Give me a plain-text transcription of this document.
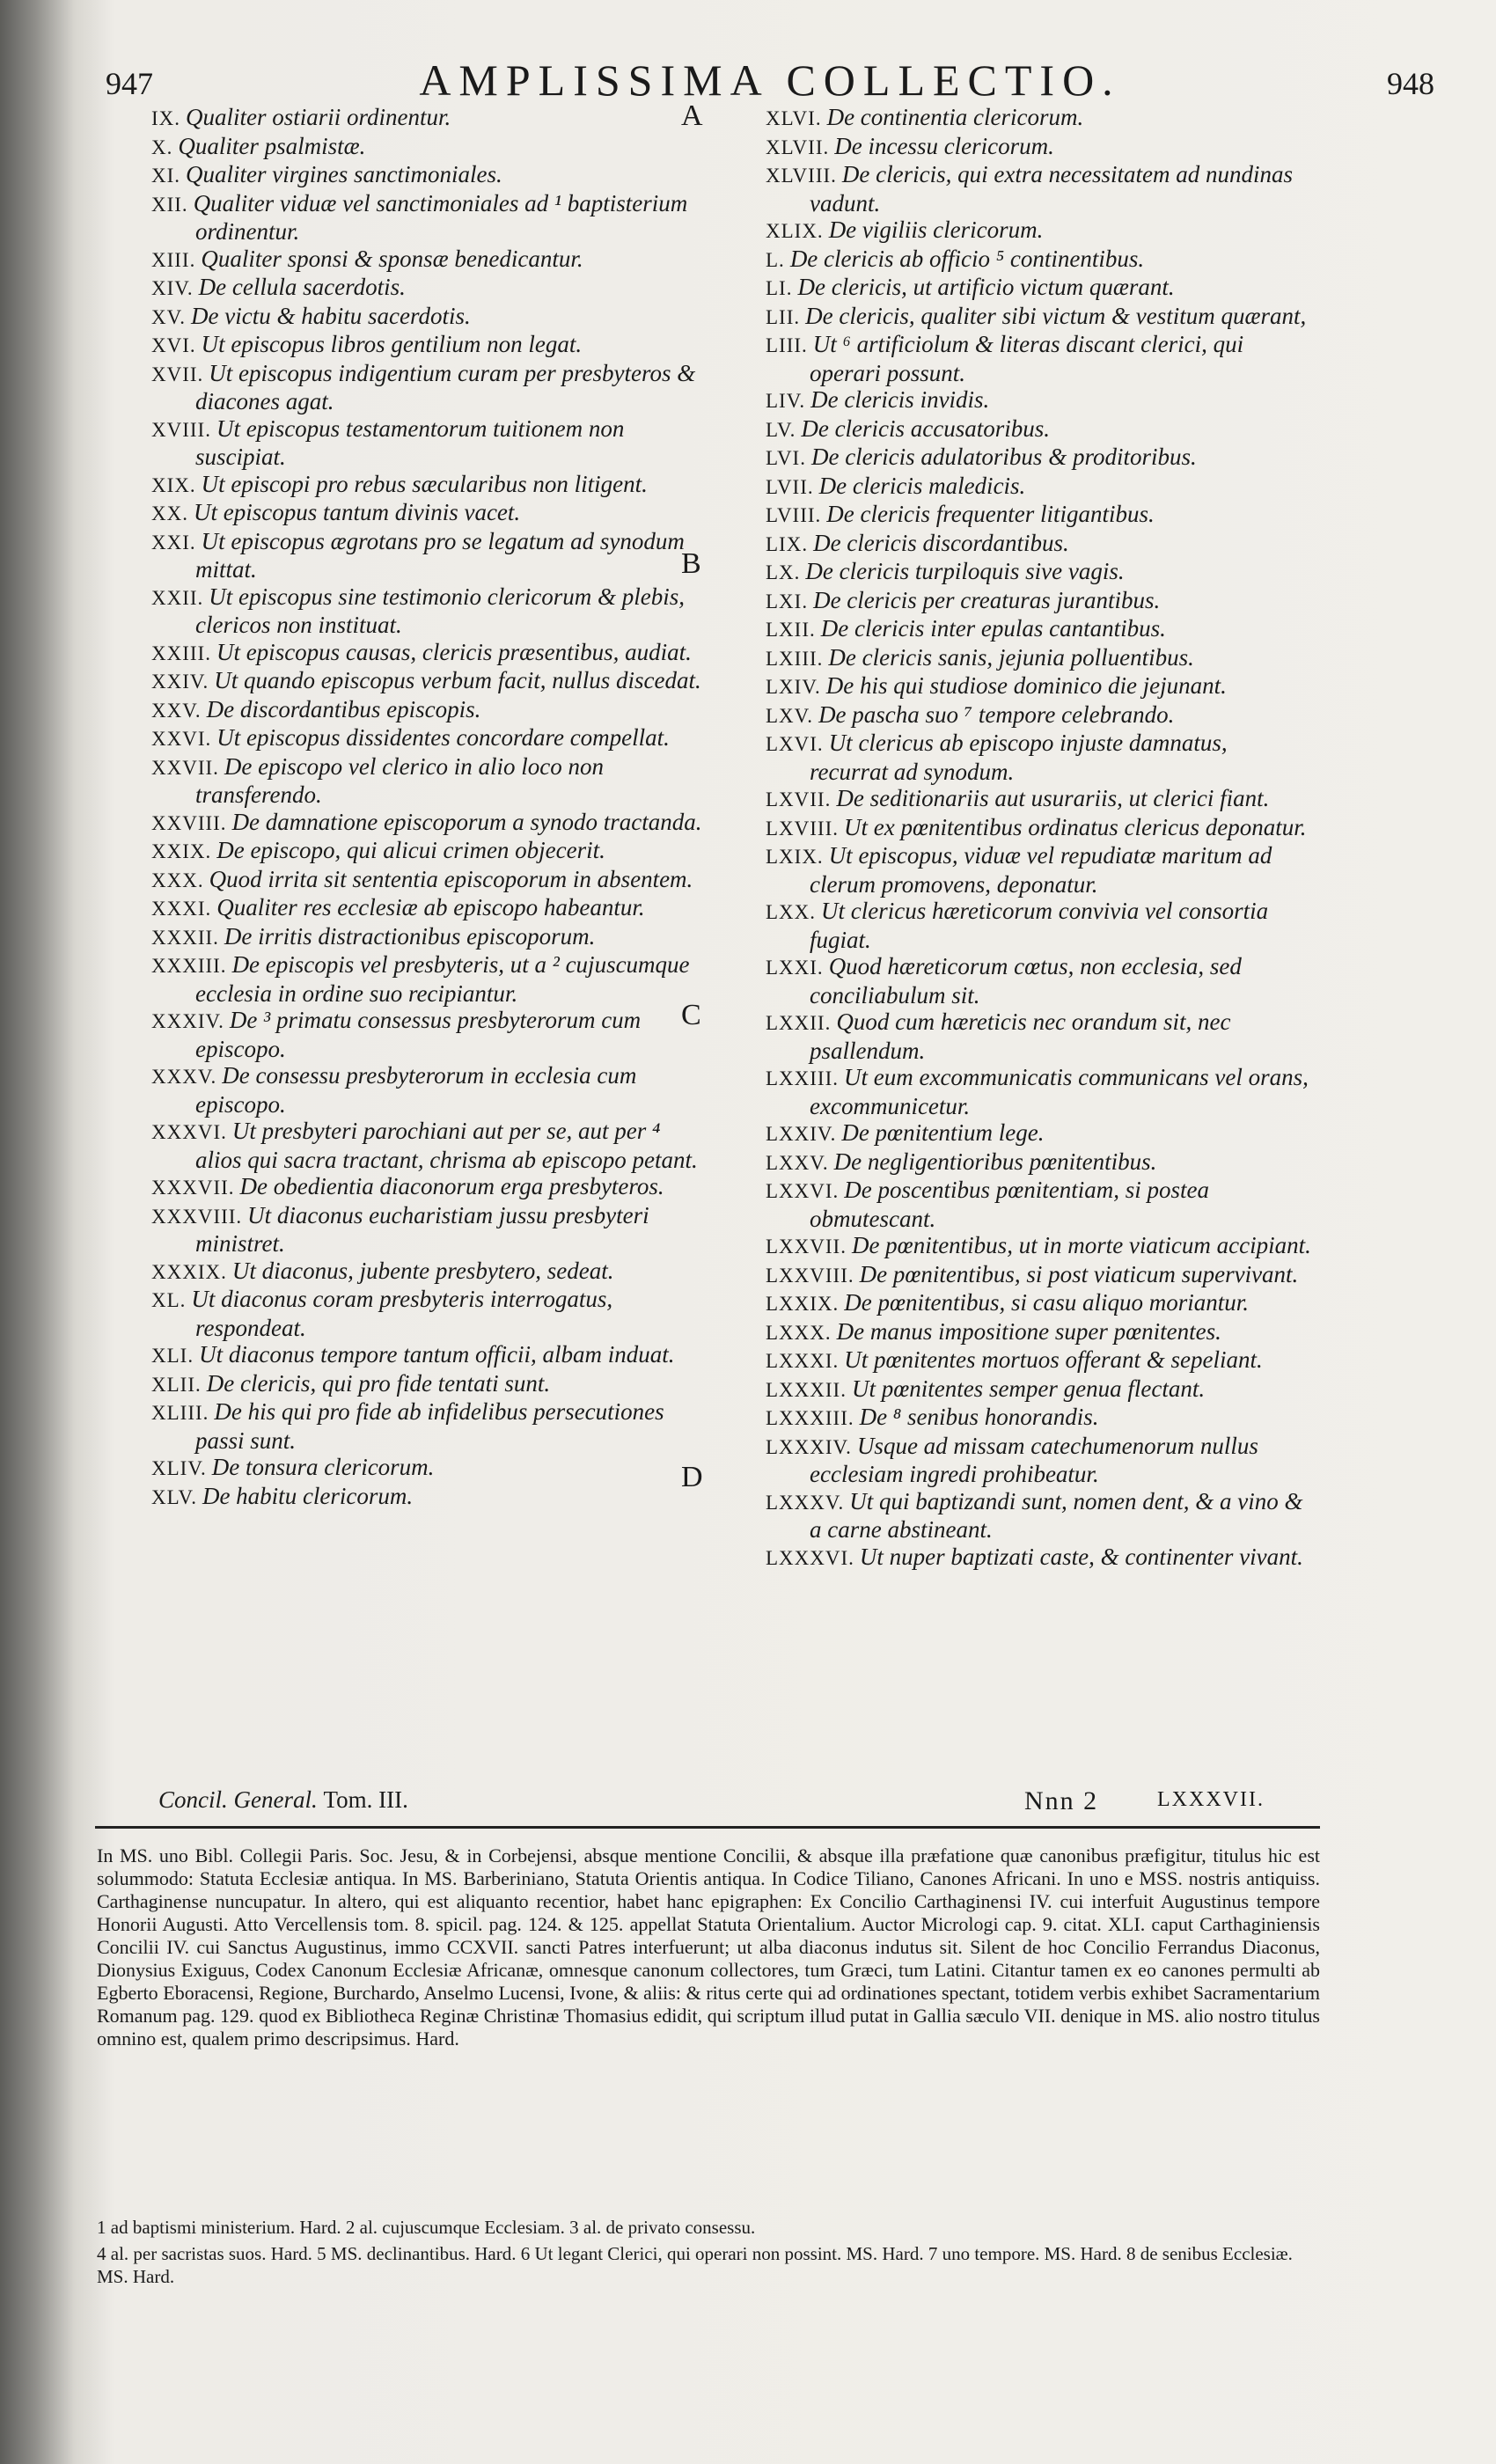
947	AMPLISSIMA COLLECTIO.	948

IX. Qualiter ostiarii ordinentur.

X. Qualiter psalmistæ.

XI. Qualiter virgines sanctimoniales.

XII. Qualiter viduæ vel sanctimoniales ad ¹ baptisterium ordinentur.

XIII. Qualiter sponsi & sponsæ benedicantur.

XIV. De cellula sacerdotis.

XV. De victu & habitu sacerdotis.

XVI. Ut episcopus libros gentilium non legat.

XVII. Ut episcopus indigentium curam per presbyteros & diacones agat.

XVIII. Ut episcopus testamentorum tuitionem non suscipiat.

XIX. Ut episcopi pro rebus sæcularibus non litigent.

XX. Ut episcopus tantum divinis vacet.

XXI. Ut episcopus ægrotans pro se legatum ad synodum mittat.

XXII. Ut episcopus sine testimonio clericorum & plebis, clericos non instituat.

XXIII. Ut episcopus causas, clericis præsentibus, audiat.

XXIV. Ut quando episcopus verbum facit, nullus discedat.

XXV. De discordantibus episcopis.

XXVI. Ut episcopus dissidentes concordare compellat.

XXVII. De episcopo vel clerico in alio loco non transferendo.

XXVIII. De damnatione episcoporum a synodo tractanda.

XXIX. De episcopo, qui alicui crimen objecerit.

XXX. Quod irrita sit sententia episcoporum in absentem.

XXXI. Qualiter res ecclesiæ ab episcopo habeantur.

XXXII. De irritis distractionibus episcoporum.

XXXIII. De episcopis vel presbyteris, ut a ² cujuscumque ecclesia in ordine suo recipiantur.

XXXIV. De ³ primatu consessus presbyterorum cum episcopo.

XXXV. De consessu presbyterorum in ecclesia cum episcopo.

XXXVI. Ut presbyteri parochiani aut per se, aut per ⁴ alios qui sacra tractant, chrisma ab episcopo petant.

XXXVII. De obedientia diaconorum erga presbyteros.

XXXVIII. Ut diaconus eucharistiam jussu presbyteri ministret.

XXXIX. Ut diaconus, jubente presbytero, sedeat.

XL. Ut diaconus coram presbyteris interrogatus, respondeat.

XLI. Ut diaconus tempore tantum officii, albam induat.

XLII. De clericis, qui pro fide tentati sunt.

XLIII. De his qui pro fide ab infidelibus persecutiones passi sunt.

XLIV. De tonsura clericorum.

XLV. De habitu clericorum.

XLVI. De continentia clericorum.

XLVII. De incessu clericorum.

XLVIII. De clericis, qui extra necessitatem ad nundinas vadunt.

XLIX. De vigiliis clericorum.

L. De clericis ab officio ⁵ continentibus.

LI. De clericis, ut artificio victum quærant.

LII. De clericis, qualiter sibi victum & vestitum quærant,

LIII. Ut ⁶ artificiolum & literas discant clerici, qui operari possunt.

LIV. De clericis invidis.

LV. De clericis accusatoribus.

LVI. De clericis adulatoribus & proditoribus.

LVII. De clericis maledicis.

LVIII. De clericis frequenter litigantibus.

LIX. De clericis discordantibus.

LX. De clericis turpiloquis sive vagis.

LXI. De clericis per creaturas jurantibus.

LXII. De clericis inter epulas cantantibus.

LXIII. De clericis sanis, jejunia polluentibus.

LXIV. De his qui studiose dominico die jejunant.

LXV. De pascha suo ⁷ tempore celebrando.

LXVI. Ut clericus ab episcopo injuste damnatus, recurrat ad synodum.

LXVII. De seditionariis aut usurariis, ut clerici fiant.

LXVIII. Ut ex pœnitentibus ordinatus clericus deponatur.

LXIX. Ut episcopus, viduæ vel repudiatæ maritum ad clerum promovens, deponatur.

LXX. Ut clericus hæreticorum convivia vel consortia fugiat.

LXXI. Quod hæreticorum cœtus, non ecclesia, sed conciliabulum sit.

LXXII. Quod cum hæreticis nec orandum sit, nec psallendum.

LXXIII. Ut eum excommunicatis communicans vel orans, excommunicetur.

LXXIV. De pœnitentium lege.

LXXV. De negligentioribus pœnitentibus.

LXXVI. De poscentibus pœnitentiam, si postea obmutescant.

LXXVII. De pœnitentibus, ut in morte viaticum accipiant.

LXXVIII. De pœnitentibus, si post viaticum supervivant.

LXXIX. De pœnitentibus, si casu aliquo moriantur.

LXXX. De manus impositione super pœnitentes.

LXXXI. Ut pœnitentes mortuos offerant & sepeliant.

LXXXII. Ut pœnitentes semper genua flectant.

LXXXIII. De ⁸ senibus honorandis.

LXXXIV. Usque ad missam catechumenorum nullus ecclesiam ingredi prohibeatur.

LXXXV. Ut qui baptizandi sunt, nomen dent, & a vino & a carne abstineant.

LXXXVI. Ut nuper baptizati caste, & continenter vivant.

A
B
C
D
Concil. General. Tom. III.	Nnn 2	LXXXVII.

In MS. uno Bibl. Collegii Paris. Soc. Jesu, & in Corbejensi, absque mentione Concilii, & absque illa præfatione quæ canonibus præfigitur, titulus hic est solummodo: Statuta Ecclesiæ antiqua. In MS. Barberiniano, Statuta Orientis antiqua. In Codice Tiliano, Canones Africani. In uno e MSS. nostris antiquiss. Carthaginense nuncupatur. In altero, qui est aliquanto recentior, habet hanc epigraphen: Ex Concilio Carthaginensi IV. cui interfuit Augustinus tempore Honorii Augusti. Atto Vercellensis tom. 8. spicil. pag. 124. & 125. appellat Statuta Orientalium. Auctor Micrologi cap. 9. citat. XLI. caput Carthaginiensis Concilii IV. cui Sanctus Augustinus, immo CCXVII. sancti Patres interfuerunt; ut alba diaconus indutus sit. Silent de hoc Concilio Ferrandus Diaconus, Dionysius Exiguus, Codex Canonum Ecclesiæ Africanæ, omnesque canonum collectores, tum Græci, tum Latini. Citantur tamen ex eo canones permulti ab Egberto Eboracensi, Regione, Burchardo, Anselmo Lucensi, Ivone, & aliis: & ritus certe qui ad ordinationes spectant, totidem verbis exhibet Sacramentarium Romanum pag. 129. quod ex Bibliotheca Reginæ Christinæ Thomasius edidit, qui scriptum illud putat in Gallia sæculo VII. denique in MS. alio nostro titulus omnino est, qualem primo descripsimus. Hard.

1 ad baptismi ministerium. Hard. 2 al. cujuscumque Ecclesiam. 3 al. de privato consessu.
4 al. per sacristas suos. Hard. 5 MS. declinantibus. Hard. 6 Ut legant Clerici, qui operari non possint. MS. Hard. 7 uno tempore. MS. Hard. 8 de senibus Ecclesiæ. MS. Hard.
